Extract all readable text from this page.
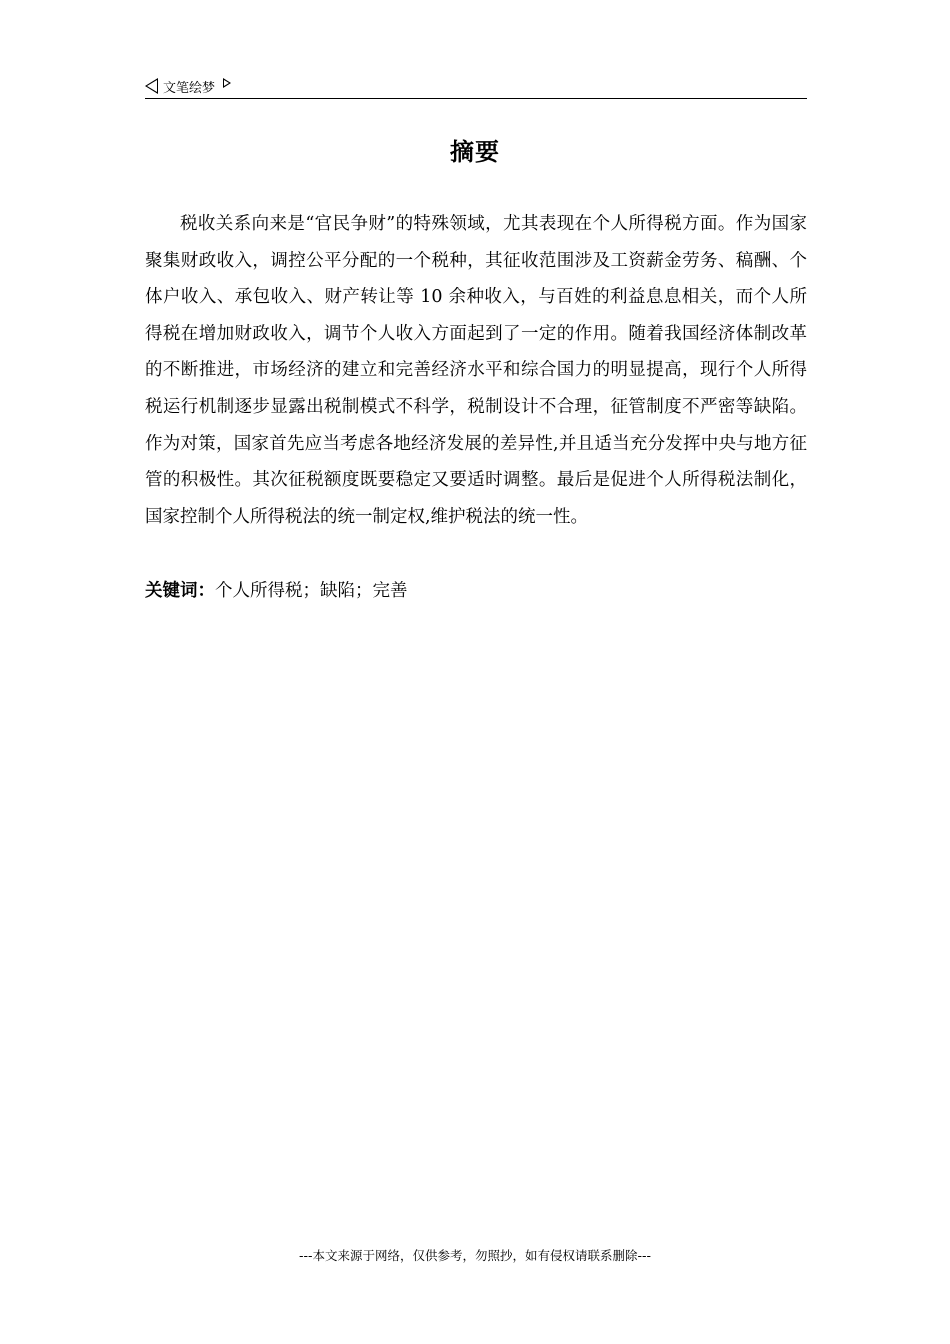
文笔绘梦
摘要

税收关系向来是“官民争财”的特殊领域，尤其表现在个人所得税方面。作为国家聚集财政收入，调控公平分配的一个税种，其征收范围涉及工资薪金劳务、稿酬、个体户收入、承包收入、财产转让等 10 余种收入，与百姓的利益息息相关，而个人所得税在增加财政收入，调节个人收入方面起到了一定的作用。随着我国经济体制改革的不断推进，市场经济的建立和完善经济水平和综合国力的明显提高，现行个人所得税运行机制逐步显露出税制模式不科学，税制设计不合理，征管制度不严密等缺陷。作为对策，国家首先应当考虑各地经济发展的差异性,并且适当充分发挥中央与地方征管的积极性。其次征税额度既要稳定又要适时调整。最后是促进个人所得税法制化，国家控制个人所得税法的统一制定权,维护税法的统一性。

关键词：个人所得税；缺陷；完善
---本文来源于网络，仅供参考，勿照抄，如有侵权请联系删除---
